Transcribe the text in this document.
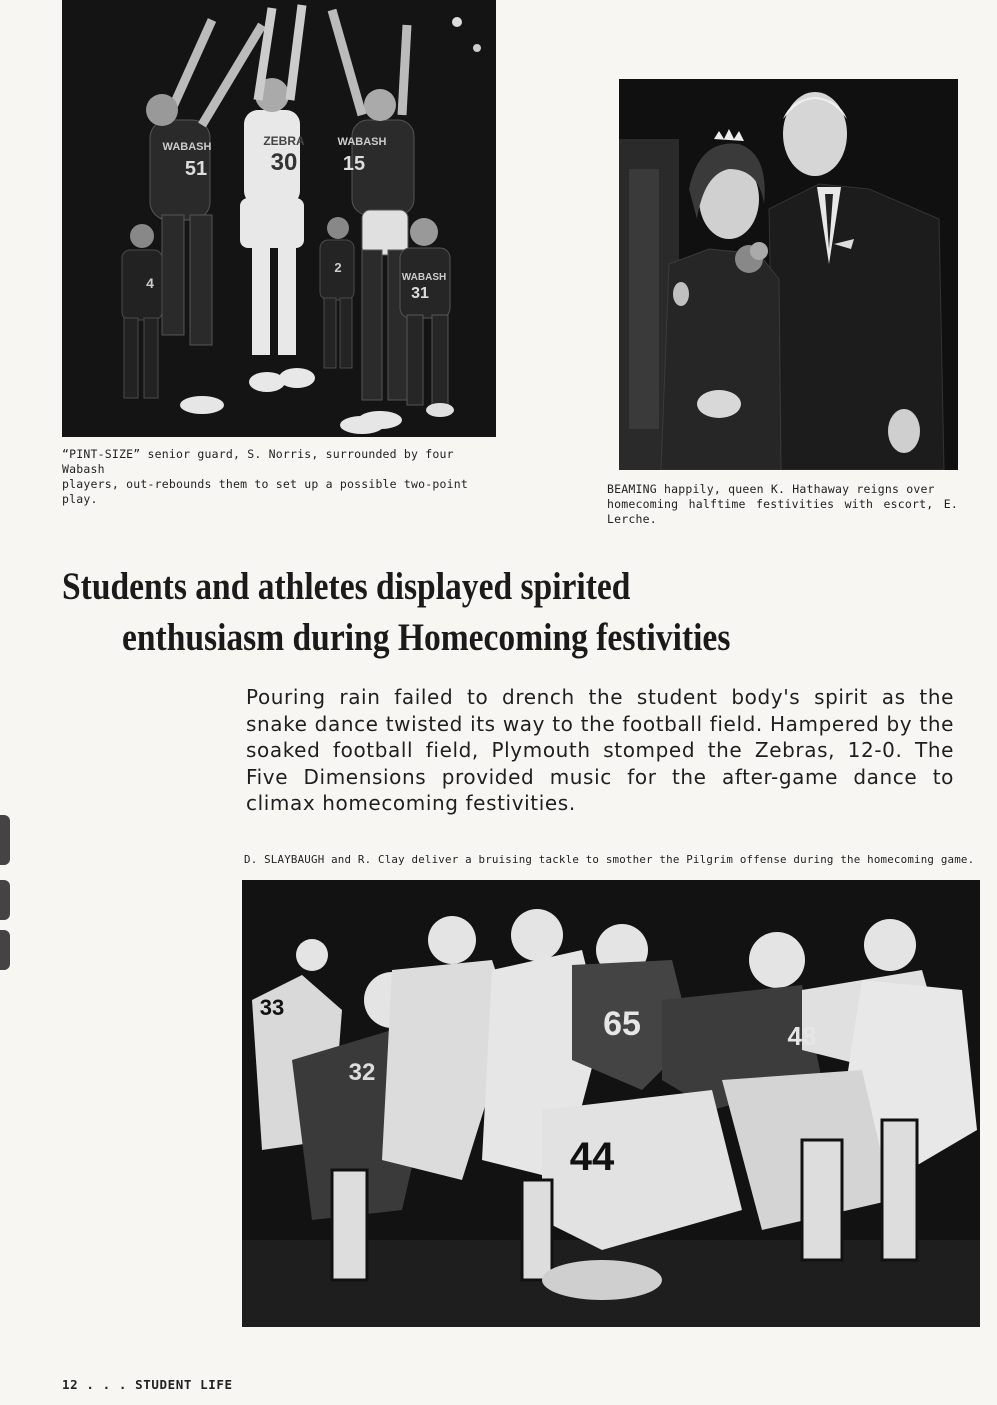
51	30 15
2
31
4
WABASH	ZEBRA	WABASH
WABASH
“PINT-SIZE” senior guard, S. Norris, surrounded by four Wabash
players, out-rebounds them to set up a possible two-point play.
BEAMING happily, queen K. Hathaway reigns over
homecoming halftime festivities with escort, E. Lerche.
Students and athletes displayed spirited
enthusiasm during Homecoming festivities
Pouring rain failed to drench the student body's spirit as the snake dance twisted its way to the football field. Hampered by the soaked football field, Plymouth stomped the Zebras, 12-0. The Five Dimensions provided music for the after-game dance to climax homecoming festivities.
D. SLAYBAUGH and R. Clay deliver a bruising tackle to smother the Pilgrim offense during the homecoming game.
33
32
65	48
44
12 . . . STUDENT LIFE
